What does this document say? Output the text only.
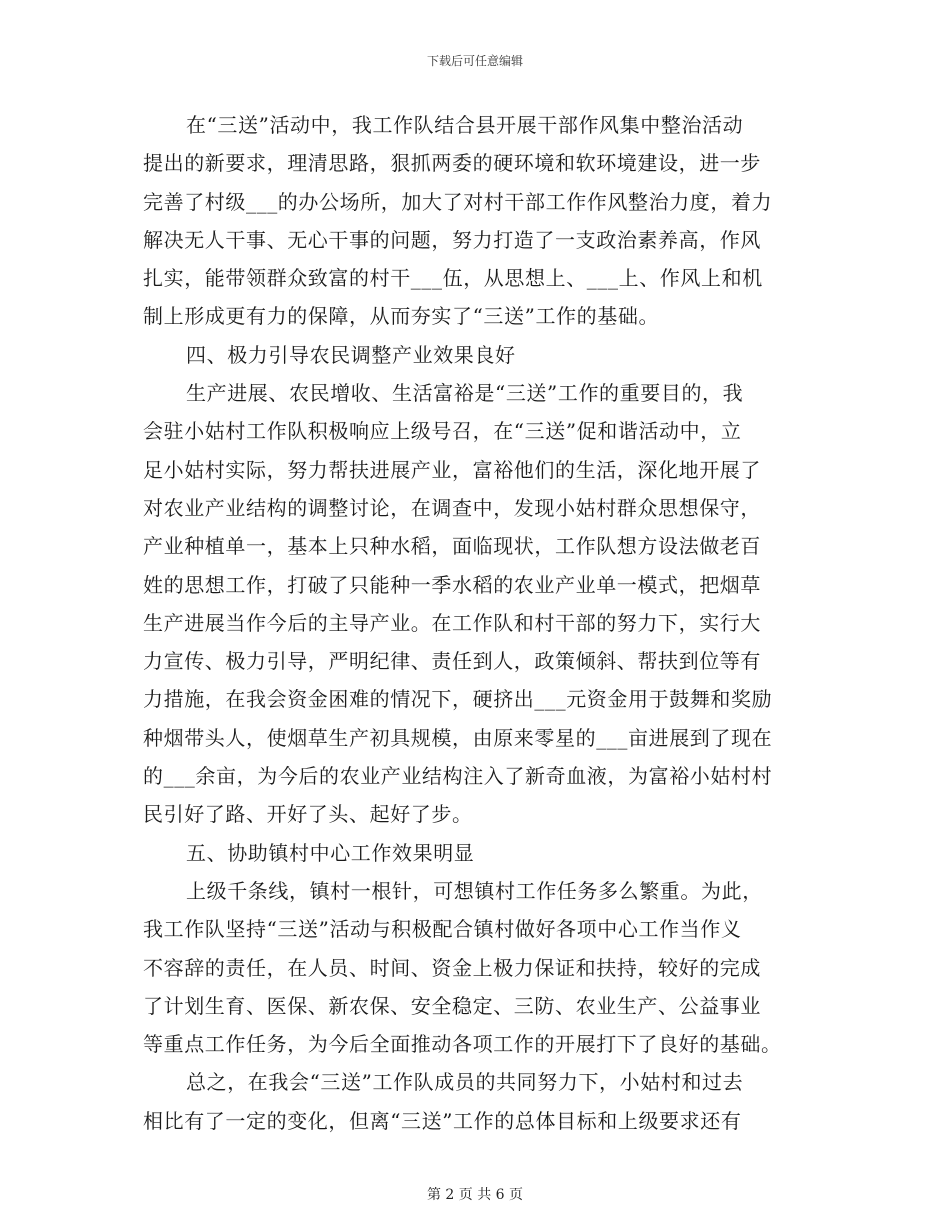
下载后可任意编辑
在“三送”活动中，我工作队结合县开展干部作风集中整治活动
提出的新要求，理清思路，狠抓两委的硬环境和软环境建设，进一步
完善了村级___的办公场所，加大了对村干部工作作风整治力度，着力
解决无人干事、无心干事的问题，努力打造了一支政治素养高，作风
扎实，能带领群众致富的村干___伍，从思想上、___上、作风上和机
制上形成更有力的保障，从而夯实了“三送”工作的基础。
四、极力引导农民调整产业效果良好
生产进展、农民增收、生活富裕是“三送”工作的重要目的，我
会驻小姑村工作队积极响应上级号召，在“三送”促和谐活动中，立
足小姑村实际，努力帮扶进展产业，富裕他们的生活，深化地开展了
对农业产业结构的调整讨论，在调查中，发现小姑村群众思想保守，
产业种植单一，基本上只种水稻，面临现状，工作队想方设法做老百
姓的思想工作，打破了只能种一季水稻的农业产业单一模式，把烟草
生产进展当作今后的主导产业。在工作队和村干部的努力下，实行大
力宣传、极力引导，严明纪律、责任到人，政策倾斜、帮扶到位等有
力措施，在我会资金困难的情况下，硬挤出___元资金用于鼓舞和奖励
种烟带头人，使烟草生产初具规模，由原来零星的___亩进展到了现在
的___余亩，为今后的农业产业结构注入了新奇血液，为富裕小姑村村
民引好了路、开好了头、起好了步。
五、协助镇村中心工作效果明显
上级千条线，镇村一根针，可想镇村工作任务多么繁重。为此，
我工作队坚持“三送”活动与积极配合镇村做好各项中心工作当作义
不容辞的责任，在人员、时间、资金上极力保证和扶持，较好的完成
了计划生育、医保、新农保、安全稳定、三防、农业生产、公益事业
等重点工作任务，为今后全面推动各项工作的开展打下了良好的基础。
总之，在我会“三送”工作队成员的共同努力下，小姑村和过去
相比有了一定的变化，但离“三送”工作的总体目标和上级要求还有
第 2 页 共 6 页
